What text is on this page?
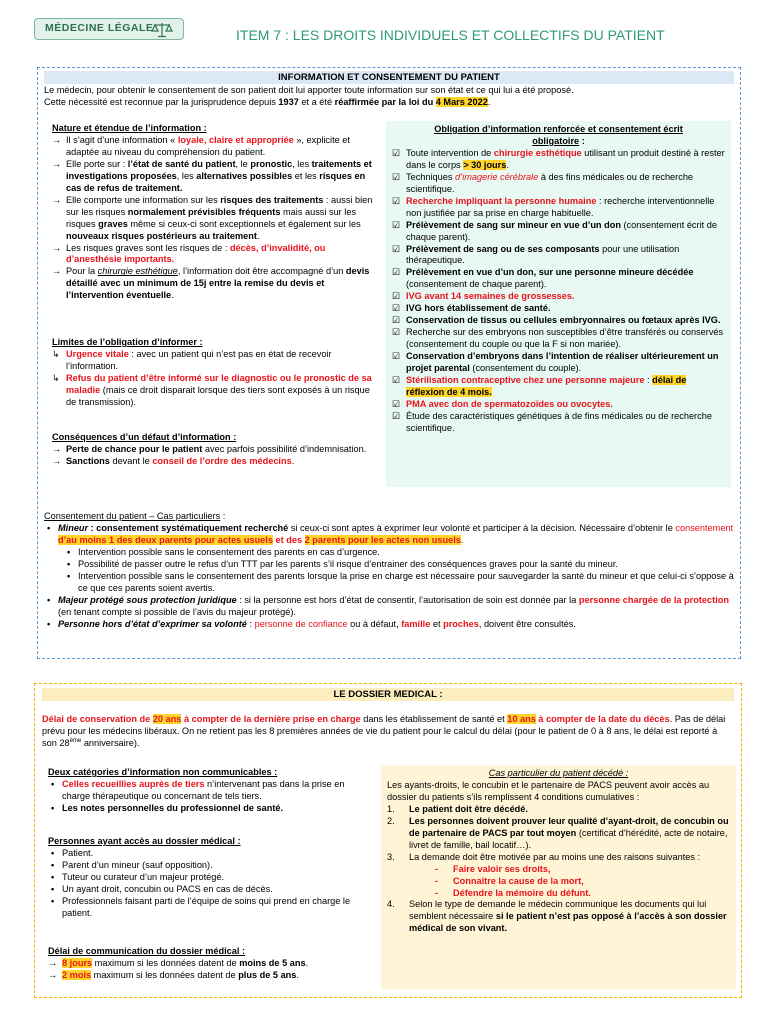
MÉDECINE LÉGALE	ITEM 7 : LES DROITS INDIVIDUELS ET COLLECTIFS DU PATIENT
INFORMATION ET CONSENTEMENT DU PATIENT
Le médecin, pour obtenir le consentement de son patient doit lui apporter toute information sur son état et ce qui lui a été proposé.
Cette nécessité est reconnue par la jurisprudence depuis 1937 et a été réaffirmée par la loi du 4 Mars 2022.
Nature et étendue de l’information :
→ Il s’agit d’une information « loyale, claire et appropriée », explicite et adaptée au niveau du compréhension du patient.
→ Elle porte sur : l’état de santé du patient, le pronostic, les traitements et investigations proposées, les alternatives possibles et les risques en cas de refus de traitement.
→ Elle comporte une information sur les risques des traitements : aussi bien sur les risques normalement prévisibles fréquents mais aussi sur les risques graves même si ceux-ci sont exceptionnels et également sur les nouveaux risques postérieurs au traitement.
→ Les risques graves sont les risques de : décès, d’invalidité, ou d’anesthésie importants.
→ Pour la chirurgie esthétique, l’information doit être accompagné d’un devis détaillé avec un minimum de 15j entre la remise du devis et l’intervention éventuelle.
Limites de l’obligation d’informer :
↳ Urgence vitale : avec un patient qui n’est pas en état de recevoir l’information.
↳ Refus du patient d’être informé sur le diagnostic ou le pronostic de sa maladie (mais ce droit disparait lorsque des tiers sont exposés à un risque de transmission).
Conséquences d’un défaut d’information :
→ Perte de chance pour le patient avec parfois possibilité d’indemnisation.
→ Sanctions devant le conseil de l’ordre des médecins.
Obligation d’information renforcée et consentement écrit
obligatoire :
☑ Toute intervention de chirurgie esthétique utilisant un produit destiné à rester dans le corps > 30 jours.
☑ Techniques d’imagerie cérébrale à des fins médicales ou de recherche scientifique.
☑ Recherche impliquant la personne humaine : recherche interventionnelle non justifiée par sa prise en charge habituelle.
☑ Prélèvement de sang sur mineur en vue d’un don (consentement écrit de chaque parent).
☑ Prélèvement de sang ou de ses composants pour une utilisation thérapeutique.
☑ Prélèvement en vue d’un don, sur une personne mineure décédée (consentement de chaque parent).
☑ IVG avant 14 semaines de grossesses.
☑ IVG hors établissement de santé.
☑ Conservation de tissus ou cellules embryonnaires ou fœtaux après IVG.
☑ Recherche sur des embryons non susceptibles d’être transférés ou conservés (consentement du couple ou que la F si non mariée).
☑ Conservation d’embryons dans l’intention de réaliser ultérieurement un projet parental (consentement du couple).
☑ Stérilisation contraceptive chez une personne majeure : délai de réflexion de 4 mois.
☑ PMA avec don de spermatozoïdes ou ovocytes.
☑ Étude des caractéristiques génétiques à de fins médicales ou de recherche scientifique.
Consentement du patient – Cas particuliers :
• Mineur : consentement systématiquement recherché si ceux-ci sont aptes à exprimer leur volonté et participer à la décision. Nécessaire d’obtenir le consentement d’au moins 1 des deux parents pour actes usuels et des 2 parents pour les actes non usuels.
• Intervention possible sans le consentement des parents en cas d’urgence.
• Possibilité de passer outre le refus d’un TTT par les parents s’il risque d’entrainer des conséquences graves pour la santé du mineur.
• Intervention possible sans le consentement des parents lorsque la prise en charge est nécessaire pour sauvegarder la santé du mineur et que celui-ci s’oppose à ce que ces parents soient avertis.
• Majeur protégé sous protection juridique : si la personne est hors d’état de consentir, l’autorisation de soin est donnée par la personne chargée de la protection (en tenant compte si possible de l’avis du majeur protégé).
• Personne hors d’état d’exprimer sa volonté : personne de confiance ou à défaut, famille et proches, doivent être consultés.
LE DOSSIER MEDICAL :
Délai de conservation de 20 ans à compter de la dernière prise en charge dans les établissement de santé et 10 ans à compter de la date du décès. Pas de délai prévu pour les médecins libéraux. On ne retient pas les 8 premières années de vie du patient pour le calcul du délai (pour le patient de 0 à 8 ans, le délai est reporté à son 28ème anniversaire).
Deux catégories d’information non communicables :
• Celles recueillies auprès de tiers n’intervenant pas dans la prise en charge thérapeutique ou concernant de tels tiers.
• Les notes personnelles du professionnel de santé.
Personnes ayant accès au dossier médical :
• Patient.
• Parent d’un mineur (sauf opposition).
• Tuteur ou curateur d’un majeur protégé.
• Un ayant droit, concubin ou PACS en cas de décès.
• Professionnels faisant parti de l’équipe de soins qui prend en charge le patient.
Délai de communication du dossier médical :
→ 8 jours maximum si les données datent de moins de 5 ans.
→ 2 mois maximum si les données datent de plus de 5 ans.
Cas particulier du patient décédé :
Les ayants-droits, le concubin et le partenaire de PACS peuvent avoir accès au dossier du patients s’ils remplissent 4 conditions cumulatives :
1. Le patient doit être décédé.
2. Les personnes doivent prouver leur qualité d’ayant-droit, de concubin ou de partenaire de PACS par tout moyen (certificat d’hérédité, acte de notaire, livret de famille, bail locatif…).
3. La demande doit être motivée par au moins une des raisons suivantes :
- Faire valoir ses droits,
- Connaître la cause de la mort,
- Défendre la mémoire du défunt.
4. Selon le type de demande le médecin communique les documents qui lui semblent nécessaire si le patient n’est pas opposé à l’accès à son dossier médical de son vivant.
